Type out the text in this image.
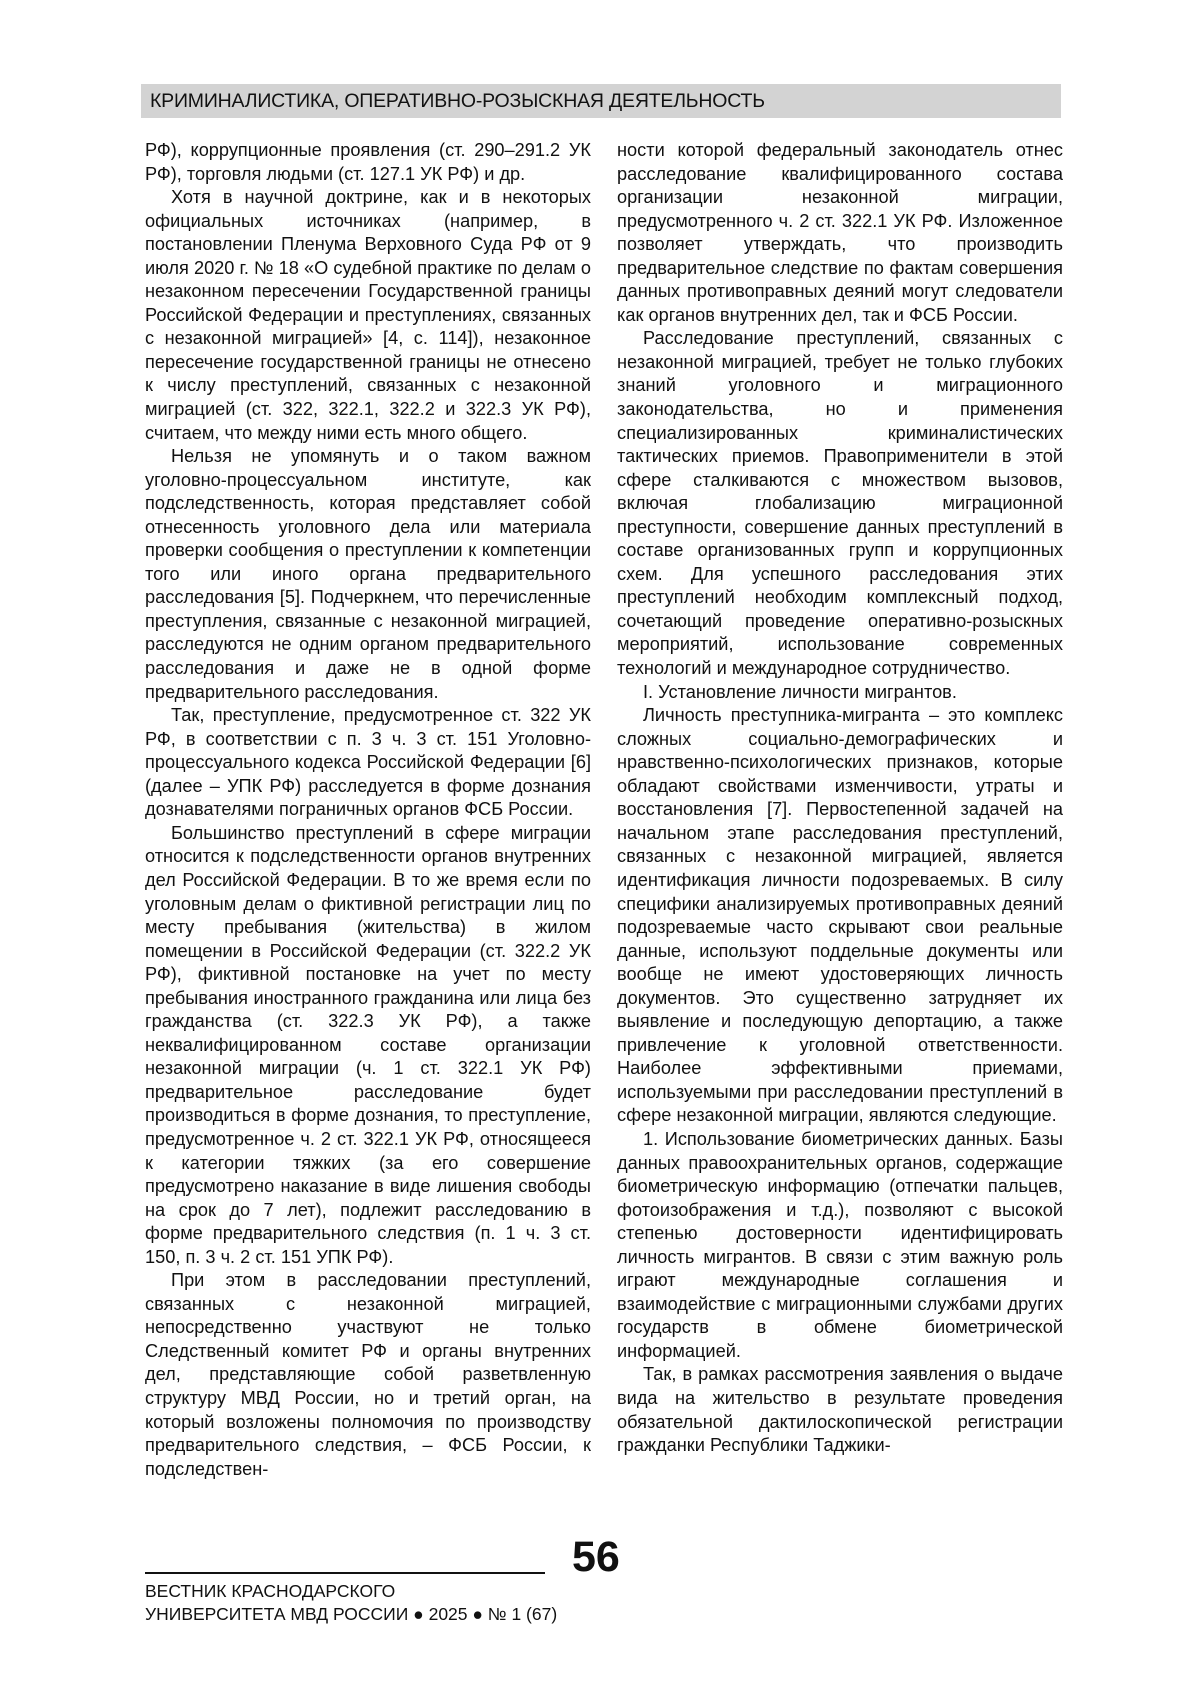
КРИМИНАЛИСТИКА, ОПЕРАТИВНО-РОЗЫСКНАЯ ДЕЯТЕЛЬНОСТЬ

РФ), коррупционные проявления (ст. 290–291.2 УК РФ), торговля людьми (ст. 127.1 УК РФ) и др.

Хотя в научной доктрине, как и в некоторых официальных источниках (например, в постановлении Пленума Верховного Суда РФ от 9 июля 2020 г. № 18 «О судебной практике по делам о незаконном пересечении Государственной границы Российской Федерации и преступлениях, связанных с незаконной миграцией» [4, с. 114]), незаконное пересечение государственной границы не отнесено к числу преступлений, связанных с незаконной миграцией (ст. 322, 322.1, 322.2 и 322.3 УК РФ), считаем, что между ними есть много общего.

Нельзя не упомянуть и о таком важном уголовно-процессуальном институте, как подследственность, которая представляет собой отнесенность уголовного дела или материала проверки сообщения о преступлении к компетенции того или иного органа предварительного расследования [5]. Подчеркнем, что перечисленные преступления, связанные с незаконной миграцией, расследуются не одним органом предварительного расследования и даже не в одной форме предварительного расследования.

Так, преступление, предусмотренное ст. 322 УК РФ, в соответствии с п. 3 ч. 3 ст. 151 Уголовно-процессуального кодекса Российской Федерации [6] (далее – УПК РФ) расследуется в форме дознания дознавателями пограничных органов ФСБ России.

Большинство преступлений в сфере миграции относится к подследственности органов внутренних дел Российской Федерации. В то же время если по уголовным делам о фиктивной регистрации лиц по месту пребывания (жительства) в жилом помещении в Российской Федерации (ст. 322.2 УК РФ), фиктивной постановке на учет по месту пребывания иностранного гражданина или лица без гражданства (ст. 322.3 УК РФ), а также неквалифицированном составе организации незаконной миграции (ч. 1 ст. 322.1 УК РФ) предварительное расследование будет производиться в форме дознания, то преступление, предусмотренное ч. 2 ст. 322.1 УК РФ, относящееся к категории тяжких (за его совершение предусмотрено наказание в виде лишения свободы на срок до 7 лет), подлежит расследованию в форме предварительного следствия (п. 1 ч. 3 ст. 150, п. 3 ч. 2 ст. 151 УПК РФ).

При этом в расследовании преступлений, связанных с незаконной миграцией, непосредственно участвуют не только Следственный комитет РФ и органы внутренних дел, представляющие собой разветвленную структуру МВД России, но и третий орган, на который возложены полномочия по производству предварительного следствия, – ФСБ России, к подследствен-

ности которой федеральный законодатель отнес расследование квалифицированного состава организации незаконной миграции, предусмотренного ч. 2 ст. 322.1 УК РФ. Изложенное позволяет утверждать, что производить предварительное следствие по фактам совершения данных противоправных деяний могут следователи как органов внутренних дел, так и ФСБ России.

Расследование преступлений, связанных с незаконной миграцией, требует не только глубоких знаний уголовного и миграционного законодательства, но и применения специализированных криминалистических тактических приемов. Правоприменители в этой сфере сталкиваются с множеством вызовов, включая глобализацию миграционной преступности, совершение данных преступлений в составе организованных групп и коррупционных схем. Для успешного расследования этих преступлений необходим комплексный подход, сочетающий проведение оперативно-розыскных мероприятий, использование современных технологий и международное сотрудничество.

I. Установление личности мигрантов.

Личность преступника-мигранта – это комплекс сложных социально-демографических и нравственно-психологических признаков, которые обладают свойствами изменчивости, утраты и восстановления [7]. Первостепенной задачей на начальном этапе расследования преступлений, связанных с незаконной миграцией, является идентификация личности подозреваемых. В силу специфики анализируемых противоправных деяний подозреваемые часто скрывают свои реальные данные, используют поддельные документы или вообще не имеют удостоверяющих личность документов. Это существенно затрудняет их выявление и последующую депортацию, а также привлечение к уголовной ответственности. Наиболее эффективными приемами, используемыми при расследовании преступлений в сфере незаконной миграции, являются следующие.

1. Использование биометрических данных. Базы данных правоохранительных органов, содержащие биометрическую информацию (отпечатки пальцев, фотоизображения и т.д.), позволяют с высокой степенью достоверности идентифицировать личность мигрантов. В связи с этим важную роль играют международные соглашения и взаимодействие с миграционными службами других государств в обмене биометрической информацией.

Так, в рамках рассмотрения заявления о выдаче вида на жительство в результате проведения обязательной дактилоскопической регистрации гражданки Республики Таджики-

56
ВЕСТНИК КРАСНОДАРСКОГО
УНИВЕРСИТЕТА МВД РОССИИ ● 2025 ● № 1 (67)
